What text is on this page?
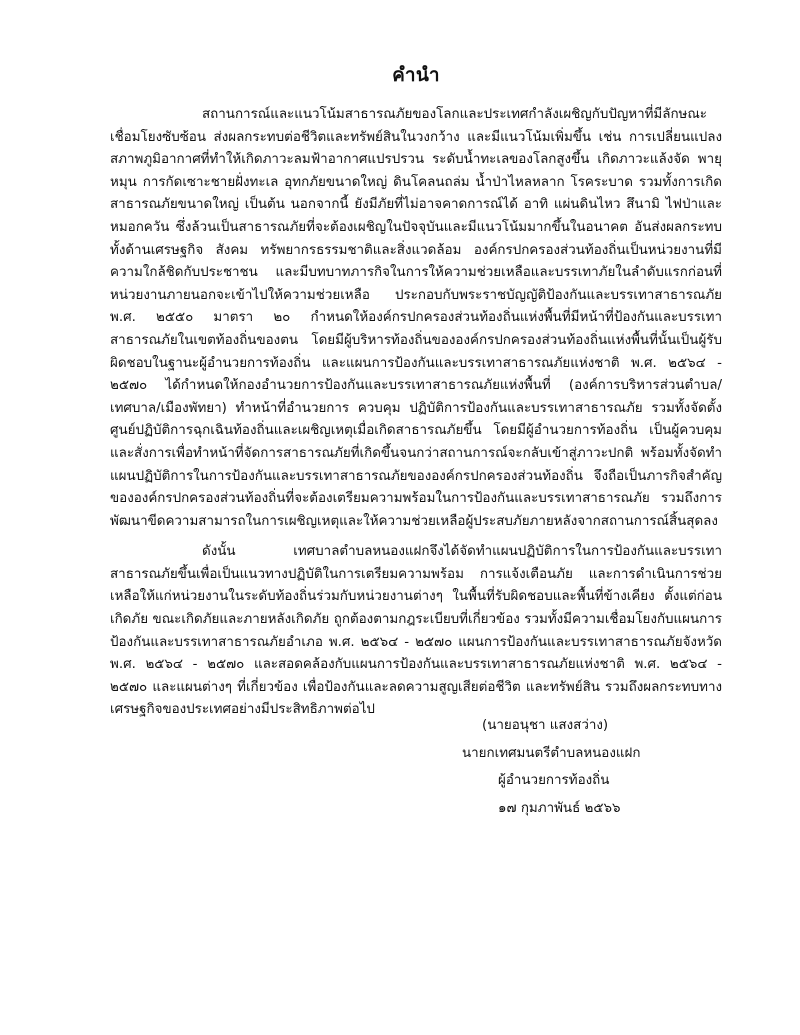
คำนำ

สถานการณ์และแนวโน้มสาธารณภัยของโลกและประเทศกำลังเผชิญกับปัญหาที่มีลักษณะเชื่อมโยงซับซ้อน ส่งผลกระทบต่อชีวิตและทรัพย์สินในวงกว้าง และมีแนวโน้มเพิ่มขึ้น เช่น การเปลี่ยนแปลงสภาพภูมิอากาศที่ทำให้เกิดภาวะลมฟ้าอากาศแปรปรวน ระดับน้ำทะเลของโลกสูงขึ้น เกิดภาวะแล้งจัด พายุหมุน การกัดเซาะชายฝั่งทะเล อุทกภัยขนาดใหญ่ ดินโคลนถล่ม น้ำป่าไหลหลาก โรคระบาด รวมทั้งการเกิดสาธารณภัยขนาดใหญ่ เป็นต้น นอกจากนี้ ยังมีภัยที่ไม่อาจคาดการณ์ได้ อาทิ แผ่นดินไหว สึนามิ ไฟป่าและหมอกควัน ซึ่งล้วนเป็นสาธารณภัยที่จะต้องเผชิญในปัจจุบันและมีแนวโน้มมากขึ้นในอนาคต อันส่งผลกระทบทั้งด้านเศรษฐกิจ สังคม ทรัพยากรธรรมชาติและสิ่งแวดล้อม องค์กรปกครองส่วนท้องถิ่นเป็นหน่วยงานที่มีความใกล้ชิดกับประชาชน และมีบทบาทภารกิจในการให้ความช่วยเหลือและบรรเทาภัยในลำดับแรกก่อนที่หน่วยงานภายนอกจะเข้าไปให้ความช่วยเหลือ ประกอบกับพระราชบัญญัติป้องกันและบรรเทาสาธารณภัย พ.ศ. ๒๕๕๐ มาตรา ๒๐ กำหนดให้องค์กรปกครองส่วนท้องถิ่นแห่งพื้นที่มีหน้าที่ป้องกันและบรรเทาสาธารณภัยในเขตท้องถิ่นของตน โดยมีผู้บริหารท้องถิ่นขององค์กรปกครองส่วนท้องถิ่นแห่งพื้นที่นั้นเป็นผู้รับผิดชอบในฐานะผู้อำนวยการท้องถิ่น และแผนการป้องกันและบรรเทาสาธารณภัยแห่งชาติ พ.ศ. ๒๕๖๔ - ๒๕๗๐ ได้กำหนดให้กองอำนวยการป้องกันและบรรเทาสาธารณภัยแห่งพื้นที่ (องค์การบริหารส่วนตำบล/เทศบาล/เมืองพัทยา) ทำหน้าที่อำนวยการ ควบคุม ปฏิบัติการป้องกันและบรรเทาสาธารณภัย รวมทั้งจัดตั้งศูนย์ปฏิบัติการฉุกเฉินท้องถิ่นและเผชิญเหตุเมื่อเกิดสาธารณภัยขึ้น โดยมีผู้อำนวยการท้องถิ่น เป็นผู้ควบคุมและสั่งการเพื่อทำหน้าที่จัดการสาธารณภัยที่เกิดขึ้นจนกว่าสถานการณ์จะกลับเข้าสู่ภาวะปกติ พร้อมทั้งจัดทำแผนปฏิบัติการในการป้องกันและบรรเทาสาธารณภัยขององค์กรปกครองส่วนท้องถิ่น จึงถือเป็นภารกิจสำคัญขององค์กรปกครองส่วนท้องถิ่นที่จะต้องเตรียมความพร้อมในการป้องกันและบรรเทาสาธารณภัย รวมถึงการพัฒนาขีดความสามารถในการเผชิญเหตุและให้ความช่วยเหลือผู้ประสบภัยภายหลังจากสถานการณ์สิ้นสุดลง

ดังนั้น เทศบาลตำบลหนองแฝกจึงได้จัดทำแผนปฏิบัติการในการป้องกันและบรรเทาสาธารณภัยขึ้นเพื่อเป็นแนวทางปฏิบัติในการเตรียมความพร้อม การแจ้งเตือนภัย และการดำเนินการช่วยเหลือให้แก่หน่วยงานในระดับท้องถิ่นร่วมกับหน่วยงานต่างๆ ในพื้นที่รับผิดชอบและพื้นที่ข้างเคียง ตั้งแต่ก่อนเกิดภัย ขณะเกิดภัยและภายหลังเกิดภัย ถูกต้องตามกฎระเบียบที่เกี่ยวข้อง รวมทั้งมีความเชื่อมโยงกับแผนการป้องกันและบรรเทาสาธารณภัยอำเภอ พ.ศ. ๒๕๖๔ - ๒๕๗๐ แผนการป้องกันและบรรเทาสาธารณภัยจังหวัด พ.ศ. ๒๕๖๔ - ๒๕๗๐ และสอดคล้องกับแผนการป้องกันและบรรเทาสาธารณภัยแห่งชาติ พ.ศ. ๒๕๖๔ - ๒๕๗๐ และแผนต่างๆ ที่เกี่ยวข้อง เพื่อป้องกันและลดความสูญเสียต่อชีวิต และทรัพย์สิน รวมถึงผลกระทบทางเศรษฐกิจของประเทศอย่างมีประสิทธิภาพต่อไป

(นายอนุชา แสงสว่าง)
นายกเทศมนตรีตำบลหนองแฝก
ผู้อำนวยการท้องถิ่น
๑๗ กุมภาพันธ์ ๒๕๖๖
